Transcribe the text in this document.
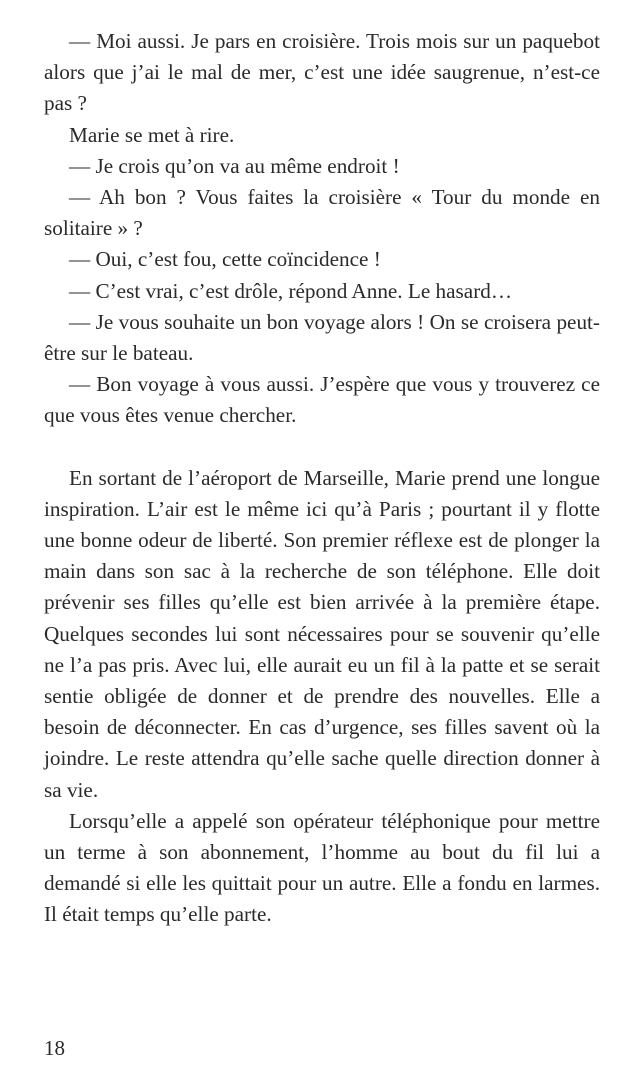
— Moi aussi. Je pars en croisière. Trois mois sur un paquebot alors que j’ai le mal de mer, c’est une idée saugrenue, n’est-ce pas ?

Marie se met à rire.

— Je crois qu’on va au même endroit !

— Ah bon ? Vous faites la croisière « Tour du monde en solitaire » ?

— Oui, c’est fou, cette coïncidence !

— C’est vrai, c’est drôle, répond Anne. Le hasard…

— Je vous souhaite un bon voyage alors ! On se croisera peut-être sur le bateau.

— Bon voyage à vous aussi. J’espère que vous y trouverez ce que vous êtes venue chercher.

En sortant de l’aéroport de Marseille, Marie prend une longue inspiration. L’air est le même ici qu’à Paris ; pourtant il y flotte une bonne odeur de liberté. Son premier réflexe est de plonger la main dans son sac à la recherche de son téléphone. Elle doit prévenir ses filles qu’elle est bien arrivée à la première étape. Quelques secondes lui sont nécessaires pour se souvenir qu’elle ne l’a pas pris. Avec lui, elle aurait eu un fil à la patte et se serait sentie obligée de donner et de prendre des nouvelles. Elle a besoin de déconnecter. En cas d’urgence, ses filles savent où la joindre. Le reste attendra qu’elle sache quelle direction donner à sa vie.

Lorsqu’elle a appelé son opérateur téléphonique pour mettre un terme à son abonnement, l’homme au bout du fil lui a demandé si elle les quittait pour un autre. Elle a fondu en larmes. Il était temps qu’elle parte.

18
